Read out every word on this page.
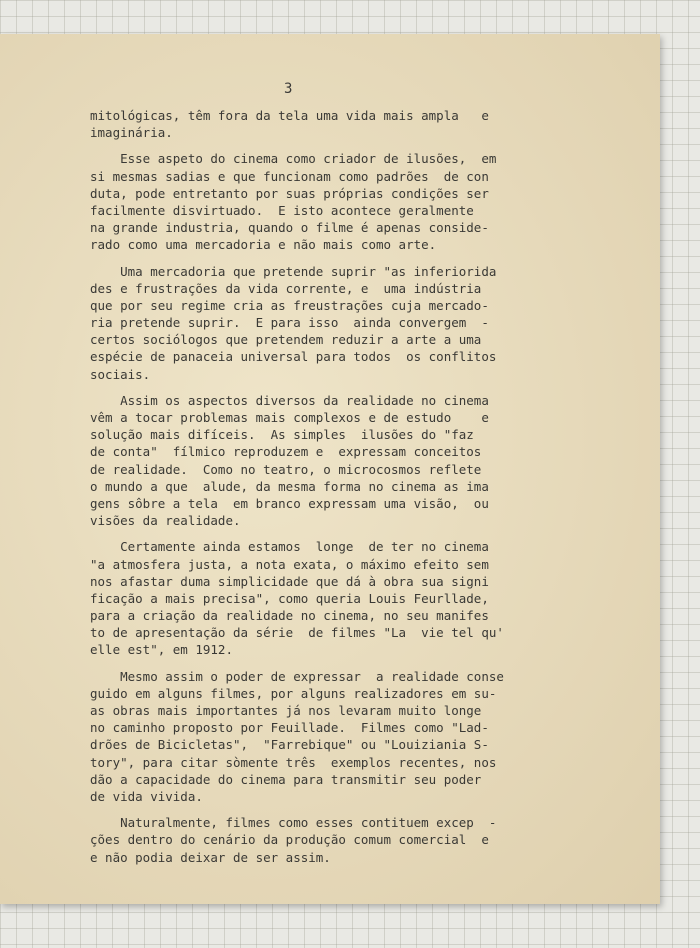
3
mitológicas, têm fora da tela uma vida mais ampla   e
imaginária.
Esse aspeto do cinema como criador de ilusões,  em
si mesmas sadias e que funcionam como padrões  de con
duta, pode entretanto por suas próprias condições ser
facilmente disvirtuado.  E isto acontece geralmente
na grande industria, quando o filme é apenas conside-
rado como uma mercadoria e não mais como arte.
Uma mercadoria que pretende suprir "as inferiorida
des e frustrações da vida corrente, e  uma indústria
que por seu regime cria as freustrações cuja mercado-
ria pretende suprir.  E para isso  ainda convergem  -
certos sociólogos que pretendem reduzir a arte a uma
espécie de panaceia universal para todos  os conflitos
sociais.
Assim os aspectos diversos da realidade no cinema
vêm a tocar problemas mais complexos e de estudo    e
solução mais difíceis.  As simples  ilusões do "faz
de conta"  fílmico reproduzem e  expressam conceitos
de realidade.  Como no teatro, o microcosmos reflete
o mundo a que  alude, da mesma forma no cinema as ima
gens sôbre a tela  em branco expressam uma visão,  ou
visões da realidade.
Certamente ainda estamos  longe  de ter no cinema
"a atmosfera justa, a nota exata, o máximo efeito sem
nos afastar duma simplicidade que dá à obra sua signi
ficação a mais precisa", como queria Louis Feurllade,
para a criação da realidade no cinema, no seu manifes
to de apresentação da série  de filmes "La  vie tel qu'
elle est", em 1912.
Mesmo assim o poder de expressar  a realidade conse
guido em alguns filmes, por alguns realizadores em su-
as obras mais importantes já nos levaram muito longe
no caminho proposto por Feuillade.  Filmes como "Lad-
drões de Bicicletas",  "Farrebique" ou "Louiziania S-
tory", para citar sòmente três  exemplos recentes, nos
dão a capacidade do cinema para transmitir seu poder
de vida vivida.
Naturalmente, filmes como esses contituem excep  -
ções dentro do cenário da produção comum comercial  e
e não podia deixar de ser assim.
